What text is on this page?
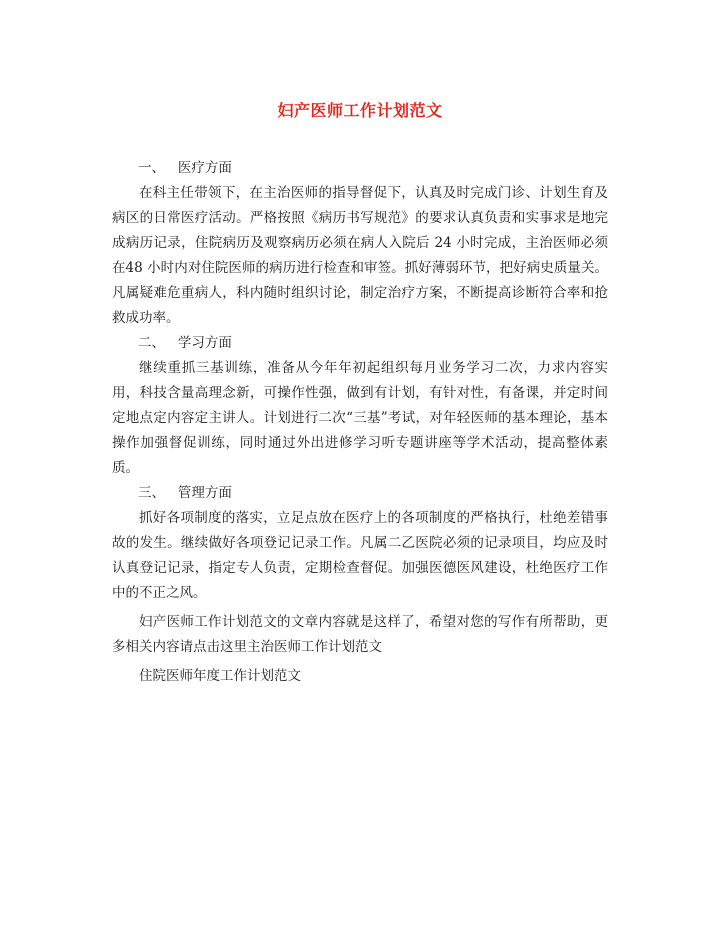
妇产医师工作计划范文

一、   医疗方面

在科主任带领下，在主治医师的指导督促下，认真及时完成门诊、计划生育及病区的日常医疗活动。严格按照《病历书写规范》的要求认真负责和实事求是地完成病历记录，住院病历及观察病历必须在病人入院后 24 小时完成，主治医师必须在48 小时内对住院医师的病历进行检查和审签。抓好薄弱环节，把好病史质量关。凡属疑难危重病人，科内随时组织讨论，制定治疗方案，不断提高诊断符合率和抢救成功率。

二、   学习方面

继续重抓三基训练，准备从今年年初起组织每月业务学习二次，力求内容实用，科技含量高理念新，可操作性强，做到有计划，有针对性，有备课，并定时间定地点定内容定主讲人。计划进行二次“三基”考试，对年轻医师的基本理论，基本操作加强督促训练，同时通过外出进修学习听专题讲座等学术活动，提高整体素质。

三、   管理方面

抓好各项制度的落实，立足点放在医疗上的各项制度的严格执行，杜绝差错事故的发生。继续做好各项登记记录工作。凡属二乙医院必须的记录项目，均应及时认真登记记录，指定专人负责，定期检查督促。加强医德医风建设，杜绝医疗工作中的不正之风。

妇产医师工作计划范文的文章内容就是这样了，希望对您的写作有所帮助，更多相关内容请点击这里主治医师工作计划范文

住院医师年度工作计划范文
